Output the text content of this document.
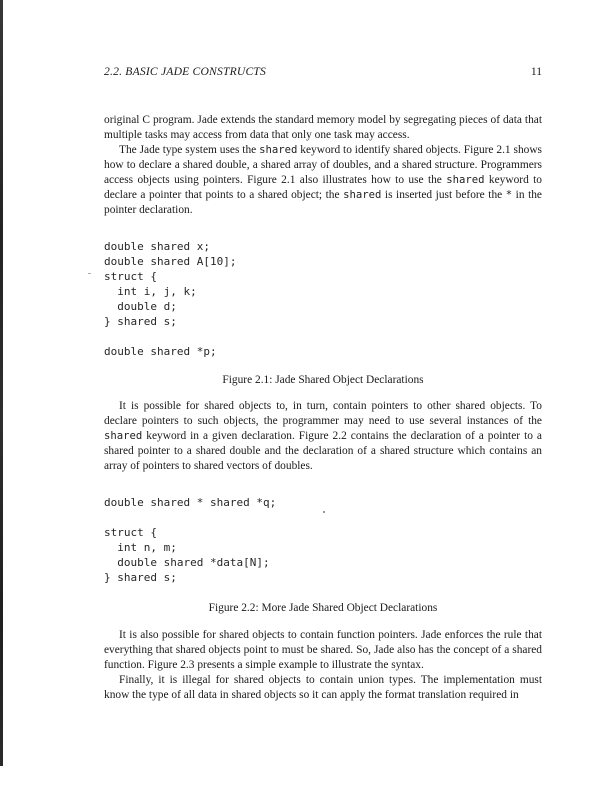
2.2. BASIC JADE CONSTRUCTS	11

original C program. Jade extends the standard memory model by segregating pieces of data that multiple tasks may access from data that only one task may access.

The Jade type system uses the shared keyword to identify shared objects. Figure 2.1 shows how to declare a shared double, a shared array of doubles, and a shared structure. Programmers access objects using pointers. Figure 2.1 also illustrates how to use the shared keyword to declare a pointer that points to a shared object; the shared is inserted just before the * in the pointer declaration.

double shared x;
double shared A[10];
struct {
int i, j, k;
double d;
} shared s;
double shared *p;
Figure 2.1: Jade Shared Object Declarations

It is possible for shared objects to, in turn, contain pointers to other shared objects. To declare pointers to such objects, the programmer may need to use several instances of the shared keyword in a given declaration. Figure 2.2 contains the declaration of a pointer to a shared pointer to a shared double and the declaration of a shared structure which contains an array of pointers to shared vectors of doubles.

double shared * shared *q;
struct {
int n, m;
double shared *data[N];
} shared s;
Figure 2.2: More Jade Shared Object Declarations

It is also possible for shared objects to contain function pointers. Jade enforces the rule that everything that shared objects point to must be shared. So, Jade also has the concept of a shared function. Figure 2.3 presents a simple example to illustrate the syntax.

Finally, it is illegal for shared objects to contain union types. The implementation must know the type of all data in shared objects so it can apply the format translation required in
